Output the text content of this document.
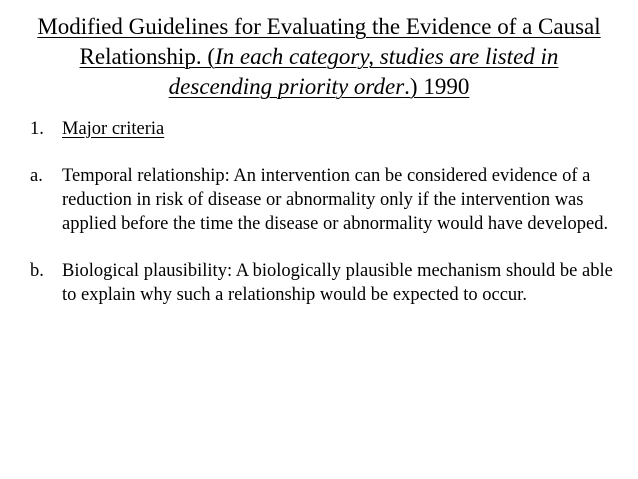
Modified Guidelines for Evaluating the Evidence of a Causal Relationship. (In each category, studies are listed in descending priority order.) 1990

1. Major criteria

a. Temporal relationship: An intervention can be considered evidence of a reduction in risk of disease or abnormality only if the intervention was applied before the time the disease or abnormality would have developed.

b. Biological plausibility: A biologically plausible mechanism should be able to explain why such a relationship would be expected to occur.
